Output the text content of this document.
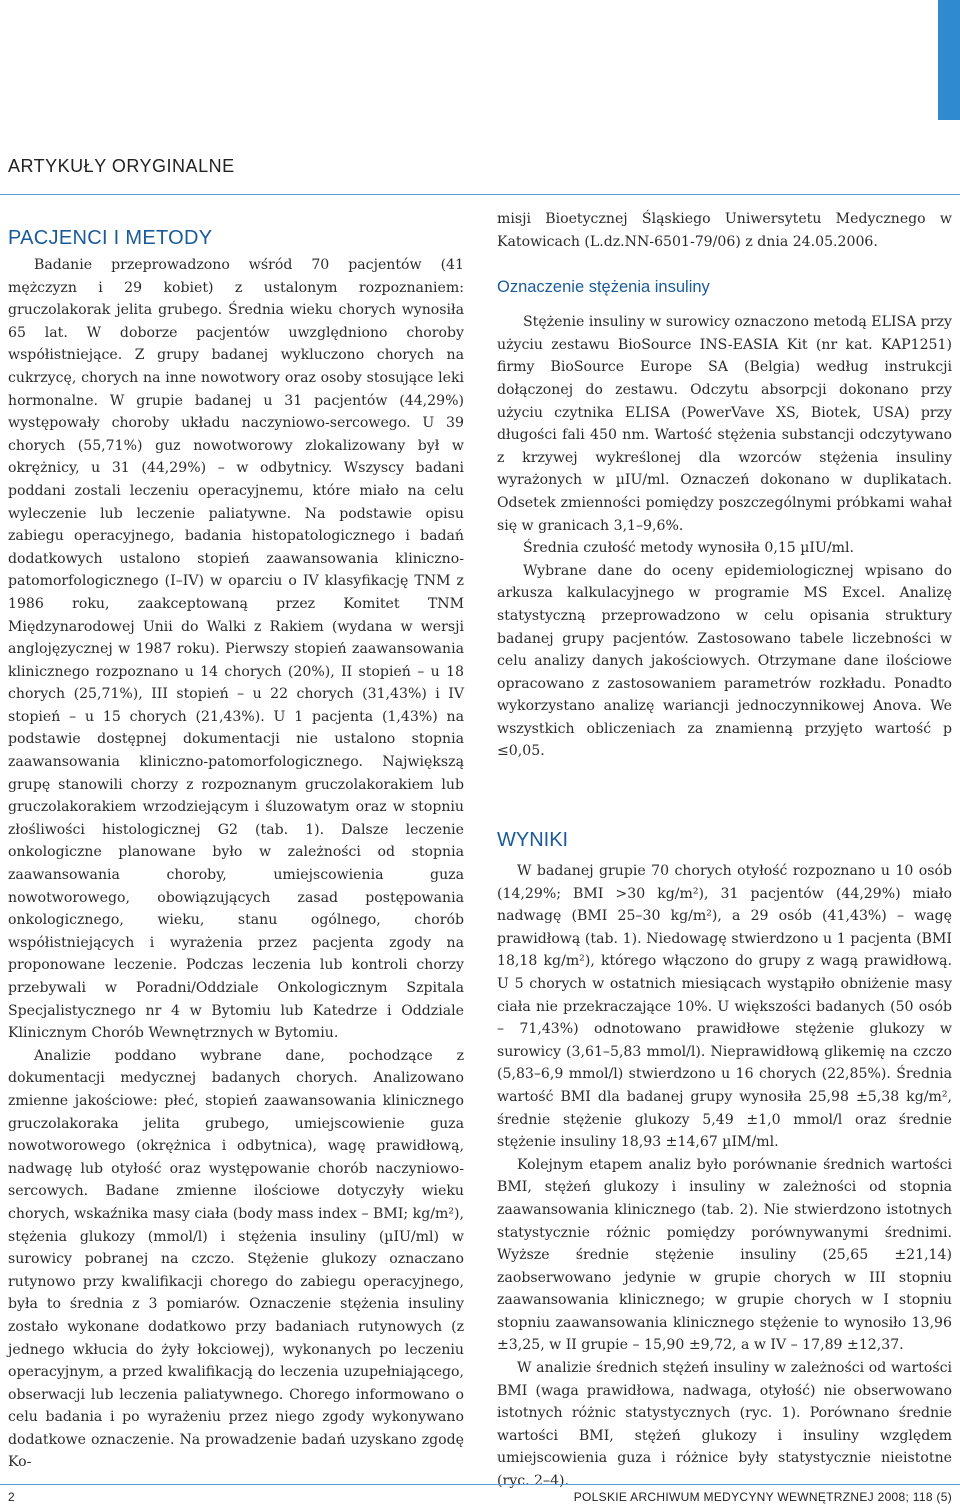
ARTYKUŁY ORYGINALNE
PACJENCI I METODY

Badanie przeprowadzono wśród 70 pacjentów (41 mężczyzn i 29 kobiet) z ustalonym rozpoznaniem: gruczolakorak jelita grubego. Średnia wieku chorych wynosiła 65 lat. W doborze pacjentów uwzględniono choroby współistniejące. Z grupy badanej wykluczono chorych na cukrzycę, chorych na inne nowotwory oraz osoby stosujące leki hormonalne. W grupie badanej u 31 pacjentów (44,29%) występowały choroby układu naczyniowo-sercowego. U 39 chorych (55,71%) guz nowotworowy zlokalizowany był w okrężnicy, u 31 (44,29%) – w odbytnicy. Wszyscy badani poddani zostali leczeniu operacyjnemu, które miało na celu wyleczenie lub leczenie paliatywne. Na podstawie opisu zabiegu operacyjnego, badania histopatologicznego i badań dodatkowych ustalono stopień zaawansowania kliniczno-patomorfologicznego (I–IV) w oparciu o IV klasyfikację TNM z 1986 roku, zaakceptowaną przez Komitet TNM Międzynarodowej Unii do Walki z Rakiem (wydana w wersji anglojęzycznej w 1987 roku). Pierwszy stopień zaawansowania klinicznego rozpoznano u 14 chorych (20%), II stopień – u 18 chorych (25,71%), III stopień – u 22 chorych (31,43%) i IV stopień – u 15 chorych (21,43%). U 1 pacjenta (1,43%) na podstawie dostępnej dokumentacji nie ustalono stopnia zaawansowania kliniczno-patomorfologicznego. Największą grupę stanowili chorzy z rozpoznanym gruczolakorakiem lub gruczolakorakiem wrzodziejącym i śluzowatym oraz w stopniu złośliwości histologicznej G2 (tab. 1). Dalsze leczenie onkologiczne planowane było w zależności od stopnia zaawansowania choroby, umiejscowienia guza nowotworowego, obowiązujących zasad postępowania onkologicznego, wieku, stanu ogólnego, chorób współistniejących i wyrażenia przez pacjenta zgody na proponowane leczenie. Podczas leczenia lub kontroli chorzy przebywali w Poradni/Oddziale Onkologicznym Szpitala Specjalistycznego nr 4 w Bytomiu lub Katedrze i Oddziale Klinicznym Chorób Wewnętrznych w Bytomiu.

Analizie poddano wybrane dane, pochodzące z dokumentacji medycznej badanych chorych. Analizowano zmienne jakościowe: płeć, stopień zaawansowania klinicznego gruczolakoraka jelita grubego, umiejscowienie guza nowotworowego (okrężnica i odbytnica), wagę prawidłową, nadwagę lub otyłość oraz występowanie chorób naczyniowo-sercowych. Badane zmienne ilościowe dotyczyły wieku chorych, wskaźnika masy ciała (body mass index – BMI; kg/m²), stężenia glukozy (mmol/l) i stężenia insuliny (µIU/ml) w surowicy pobranej na czczo. Stężenie glukozy oznaczano rutynowo przy kwalifikacji chorego do zabiegu operacyjnego, była to średnia z 3 pomiarów. Oznaczenie stężenia insuliny zostało wykonane dodatkowo przy badaniach rutynowych (z jednego wkłucia do żyły łokciowej), wykonanych po leczeniu operacyjnym, a przed kwalifikacją do leczenia uzupełniającego, obserwacji lub leczenia paliatywnego. Chorego informowano o celu badania i po wyrażeniu przez niego zgody wykonywano dodatkowe oznaczenie. Na prowadzenie badań uzyskano zgodę Ko-

misji Bioetycznej Śląskiego Uniwersytetu Medycznego w Katowicach (L.dz.NN-6501-79/06) z dnia 24.05.2006.

Oznaczenie stężenia insuliny

Stężenie insuliny w surowicy oznaczono metodą ELISA przy użyciu zestawu BioSource INS-EASIA Kit (nr kat. KAP1251) firmy BioSource Europe SA (Belgia) według instrukcji dołączonej do zestawu. Odczytu absorpcji dokonano przy użyciu czytnika ELISA (PowerVave XS, Biotek, USA) przy długości fali 450 nm. Wartość stężenia substancji odczytywano z krzywej wykreślonej dla wzorców stężenia insuliny wyrażonych w µIU/ml. Oznaczeń dokonano w duplikatach. Odsetek zmienności pomiędzy poszczególnymi próbkami wahał się w granicach 3,1–9,6%.

Średnia czułość metody wynosiła 0,15 µIU/ml.

Wybrane dane do oceny epidemiologicznej wpisano do arkusza kalkulacyjnego w programie MS Excel. Analizę statystyczną przeprowadzono w celu opisania struktury badanej grupy pacjentów. Zastosowano tabele liczebności w celu analizy danych jakościowych. Otrzymane dane ilościowe opracowano z zastosowaniem parametrów rozkładu. Ponadto wykorzystano analizę wariancji jednoczynnikowej Anova. We wszystkich obliczeniach za znamienną przyjęto wartość p ≤0,05.

WYNIKI

W badanej grupie 70 chorych otyłość rozpoznano u 10 osób (14,29%; BMI >30 kg/m²), 31 pacjentów (44,29%) miało nadwagę (BMI 25–30 kg/m²), a 29 osób (41,43%) – wagę prawidłową (tab. 1). Niedowagę stwierdzono u 1 pacjenta (BMI 18,18 kg/m²), którego włączono do grupy z wagą prawidłową. U 5 chorych w ostatnich miesiącach wystąpiło obniżenie masy ciała nie przekraczające 10%. U większości badanych (50 osób – 71,43%) odnotowano prawidłowe stężenie glukozy w surowicy (3,61–5,83 mmol/l). Nieprawidłową glikemię na czczo (5,83–6,9 mmol/l) stwierdzono u 16 chorych (22,85%). Średnia wartość BMI dla badanej grupy wynosiła 25,98 ±5,38 kg/m², średnie stężenie glukozy 5,49 ±1,0 mmol/l oraz średnie stężenie insuliny 18,93 ±14,67 µIM/ml.

Kolejnym etapem analiz było porównanie średnich wartości BMI, stężeń glukozy i insuliny w zależności od stopnia zaawansowania klinicznego (tab. 2). Nie stwierdzono istotnych statystycznie różnic pomiędzy porównywanymi średnimi. Wyższe średnie stężenie insuliny (25,65 ±21,14) zaobserwowano jedynie w grupie chorych w III stopniu zaawansowania klinicznego; w grupie chorych w I stopniu stopniu zaawansowania klinicznego stężenie to wynosiło 13,96 ±3,25, w II grupie – 15,90 ±9,72, a w IV – 17,89 ±12,37.

W analizie średnich stężeń insuliny w zależności od wartości BMI (waga prawidłowa, nadwaga, otyłość) nie obserwowano istotnych różnic statystycznych (ryc. 1). Porównano średnie wartości BMI, stężeń glukozy i insuliny względem umiejscowienia guza i różnice były statystycznie nieistotne (ryc. 2–4).

2	POLSKIE ARCHIWUM MEDYCYNY WEWNĘTRZNEJ 2008; 118 (5)
